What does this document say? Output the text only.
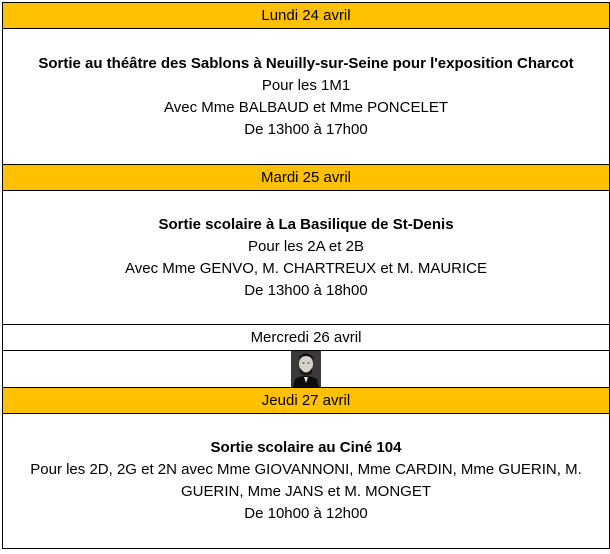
Lundi 24 avril
Sortie au théâtre des Sablons à Neuilly-sur-Seine pour l'exposition Charcot
Pour les 1M1
Avec Mme BALBAUD et Mme PONCELET
De 13h00 à 17h00
Mardi 25 avril
Sortie scolaire à La Basilique de St-Denis
Pour les 2A et 2B
Avec Mme GENVO, M. CHARTREUX et M. MAURICE
De 13h00 à 18h00
Mercredi 26 avril
Jeudi 27 avril
Sortie scolaire au Ciné 104
Pour les 2D, 2G et 2N avec Mme GIOVANNONI, Mme CARDIN, Mme GUERIN, M. GUERIN, Mme JANS et M. MONGET
De 10h00 à 12h00
